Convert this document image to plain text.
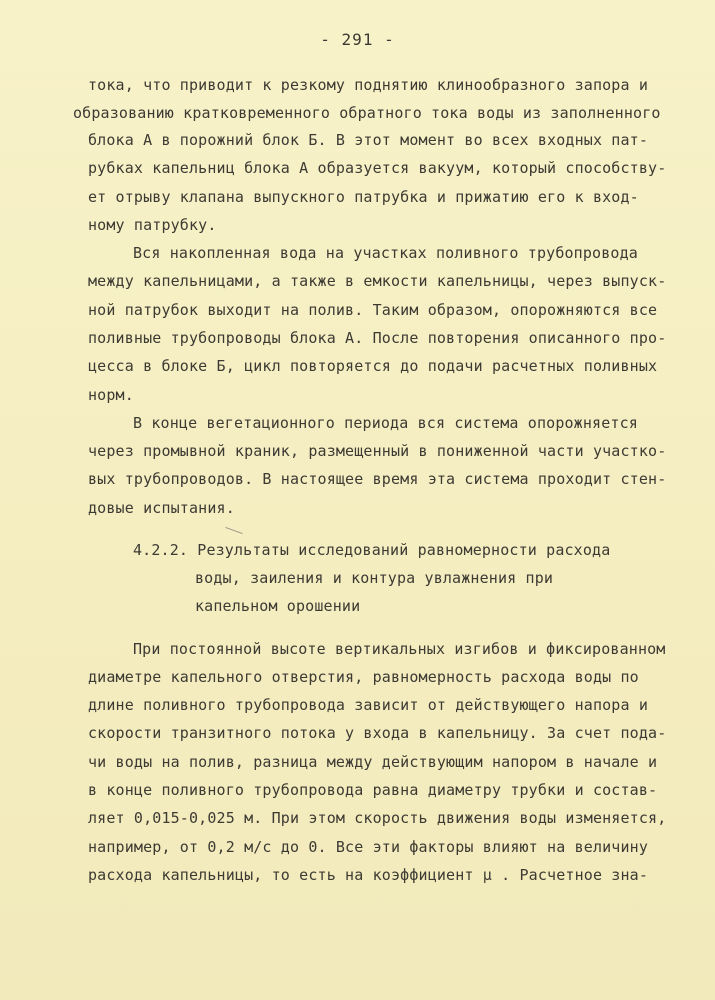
- 291 -
тока, что приводит к резкому поднятию клинообразного запора и
образованию кратковременного обратного тока воды из заполненного
блока А в порожний блок Б. В этот момент во всех входных пат-
рубках капельниц блока А образуется вакуум, который способству-
ет отрыву клапана выпускного патрубка и прижатию его к вход-
ному патрубку.
Вся накопленная вода на участках поливного трубопровода
между капельницами, а также в емкости капельницы, через выпуск-
ной патрубок выходит на полив. Таким образом, опорожняются все
поливные трубопроводы блока А. После повторения описанного про-
цесса в блоке Б, цикл повторяется до подачи расчетных поливных
норм.
В конце вегетационного периода вся система опорожняется
через промывной краник, размещенный в пониженной части участко-
вых трубопроводов. В настоящее время эта система проходит стен-
довые испытания.
4.2.2. Результаты исследований равномерности расхода
воды, заиления и контура увлажнения при
капельном орошении
При постоянной высоте вертикальных изгибов и фиксированном
диаметре капельного отверстия, равномерность расхода воды по
длине поливного трубопровода зависит от действующего напора и
скорости транзитного потока у входа в капельницу. За счет пода-
чи воды на полив, разница между действующим напором в начале и
в конце поливного трубопровода равна диаметру трубки и состав-
ляет 0,015-0,025 м. При этом скорость движения воды изменяется,
например, от 0,2 м/с до 0. Все эти факторы влияют на величину
расхода капельницы, то есть на коэффициент μ . Расчетное зна-
